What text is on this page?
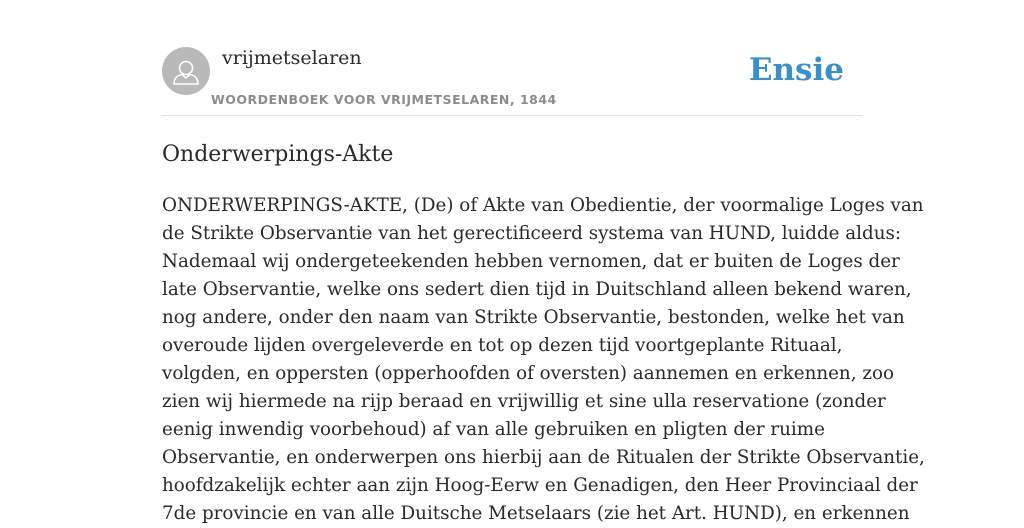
vrijmetselaren
WOORDENBOEK VOOR VRIJMETSELAREN, 1844
Ensie
Onderwerpings-Akte
ONDERWERPINGS-AKTE, (De) of Akte van Obedientie, der voormalige Loges van
de Strikte Observantie van het gerectificeerd systema van HUND, luidde aldus:
Nademaal wij ondergeteekenden hebben vernomen, dat er buiten de Loges der
late Observantie, welke ons sedert dien tijd in Duitschland alleen bekend waren,
nog andere, onder den naam van Strikte Observantie, bestonden, welke het van
overoude lijden overgeleverde en tot op dezen tijd voortgeplante Rituaal,
volgden, en oppersten (opperhoofden of oversten) aannemen en erkennen, zoo
zien wij hiermede na rijp beraad en vrijwillig et sine ulla reservatione (zonder
eenig inwendig voorbehoud) af van alle gebruiken en pligten der ruime
Observantie, en onderwerpen ons hierbij aan de Ritualen der Strikte Observantie,
hoofdzakelijk echter aan zijn Hoog-Eerw en Genadigen, den Heer Provinciaal der
7de provincie en van alle Duitsche Metselaars (zie het Art. HUND), en erkennen
